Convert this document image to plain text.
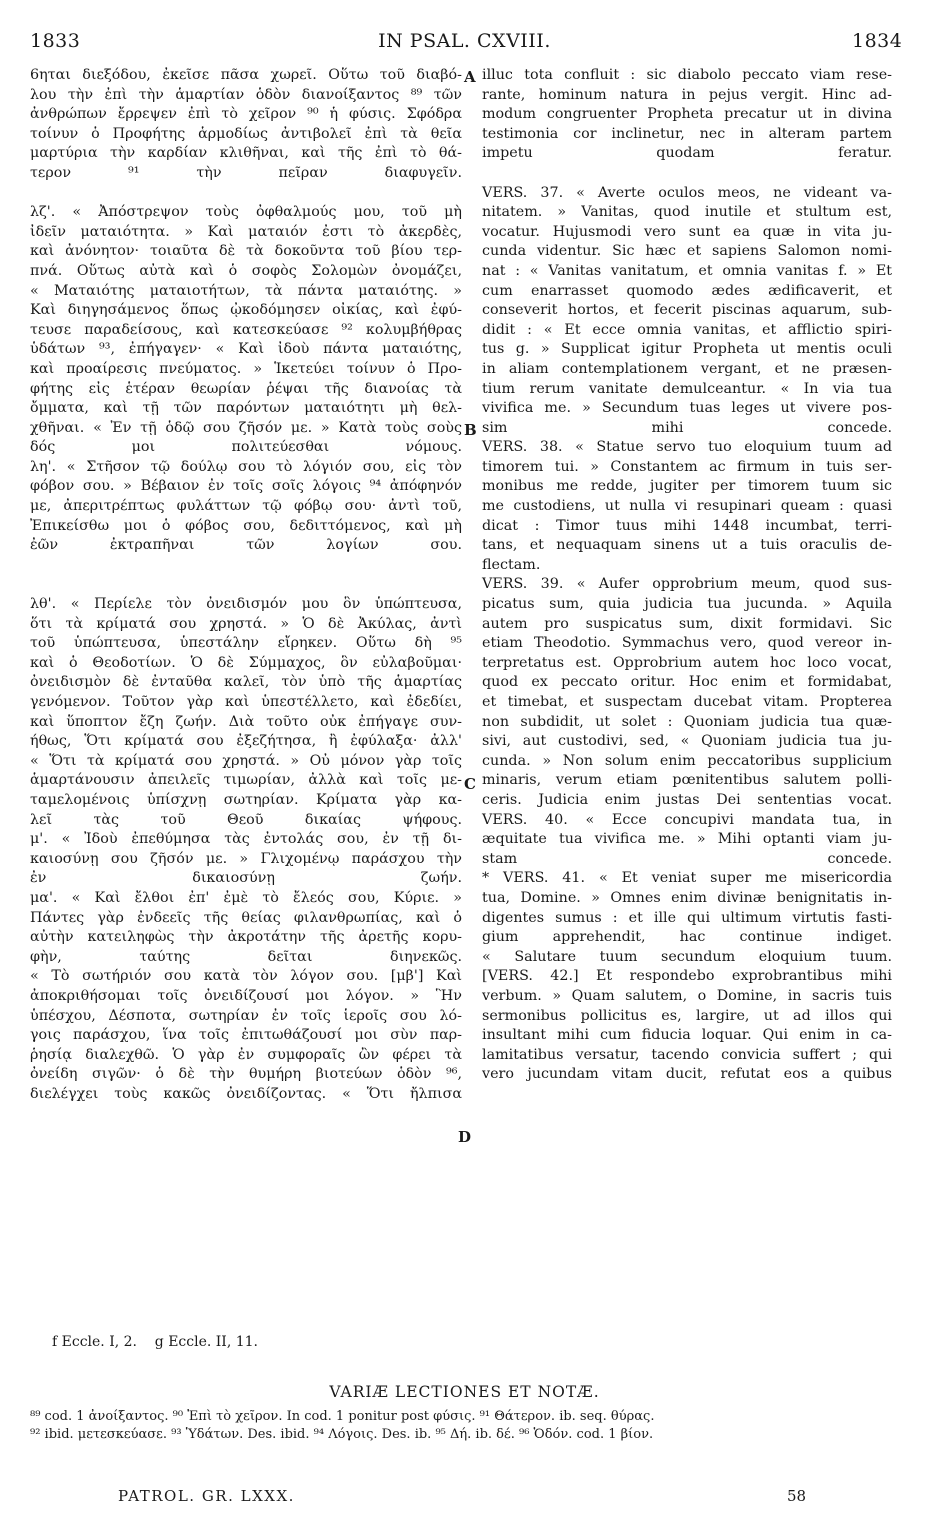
1833	IN PSAL. CXVIII.	1834
6ηται διεξόδου, ἐκεῖσε πᾶσα χωρεῖ. Οὕτω τοῦ διαβό-
λου τὴν ἐπὶ τὴν ἁμαρτίαν ὁδὸν διανοίξαντος ⁸⁹ τῶν
ἀνθρώπων ἔρρεψεν ἐπὶ τὸ χεῖρον ⁹⁰ ἡ φύσις. Σφόδρα
τοίνυν ὁ Προφήτης ἁρμοδίως ἀντιβολεῖ ἐπὶ τὰ θεῖα
μαρτύρια τὴν καρδίαν κλιθῆναι, καὶ τῆς ἐπὶ τὸ θά-
τερον ⁹¹ τὴν πεῖραν διαφυγεῖν.
λζ'. « Ἀπόστρεψον τοὺς ὀφθαλμούς μου, τοῦ μὴ
ἰδεῖν ματαιότητα. » Καὶ ματαιόν ἐστι τὸ ἀκερδὲς,
καὶ ἀνόνητον· τοιαῦτα δὲ τὰ δοκοῦντα τοῦ βίου τερ-
πνά. Οὕτως αὐτὰ καὶ ὁ σοφὸς Σολομὼν ὀνομάζει,
« Ματαιότης ματαιοτήτων, τὰ πάντα ματαιότης. »
Καὶ διηγησάμενος ὅπως ᾠκοδόμησεν οἰκίας, καὶ ἐφύ-
τευσε παραδείσους, καὶ κατεσκεύασε ⁹² κολυμβήθρας
ὑδάτων ⁹³, ἐπήγαγεν· « Καὶ ἰδοὺ πάντα ματαιότης,
καὶ προαίρεσις πνεύματος. » Ἱκετεύει τοίνυν ὁ Προ-
φήτης εἰς ἑτέραν θεωρίαν ῥέψαι τῆς διανοίας τὰ
ὄμματα, καὶ τῇ τῶν παρόντων ματαιότητι μὴ θελ-
χθῆναι. « Ἐν τῇ ὁδῷ σου ζῆσόν με. » Κατὰ τοὺς σοὺς
δός μοι πολιτεύεσθαι νόμους.
λη'. « Στῆσον τῷ δούλῳ σου τὸ λόγιόν σου, εἰς τὸν
φόβον σου. » Βέβαιον ἐν τοῖς σοῖς λόγοις ⁹⁴ ἀπόφηνόν
με, ἀπεριτρέπτως φυλάττων τῷ φόβῳ σου· ἀντὶ τοῦ,
Ἐπικείσθω μοι ὁ φόβος σου, δεδιττόμενος, καὶ μὴ
ἐῶν ἐκτραπῆναι τῶν λογίων σου.
λθ'. « Περίελε τὸν ὀνειδισμόν μου ὃν ὑπώπτευσα,
ὅτι τὰ κρίματά σου χρηστά. » Ὁ δὲ Ἀκύλας, ἀντὶ
τοῦ ὑπώπτευσα, ὑπεστάλην εἴρηκεν. Οὕτω δὴ ⁹⁵
καὶ ὁ Θεοδοτίων. Ὁ δὲ Σύμμαχος, ὃν εὐλαβοῦμαι·
ὀνειδισμὸν δὲ ἐνταῦθα καλεῖ, τὸν ὑπὸ τῆς ἁμαρτίας
γενόμενον. Τοῦτον γὰρ καὶ ὑπεστέλλετο, καὶ ἐδεδίει,
καὶ ὕποπτον ἔζη ζωήν. Διὰ τοῦτο οὐκ ἐπήγαγε συν-
ήθως, Ὅτι κρίματά σου ἐξεζήτησα, ἢ ἐφύλαξα· ἀλλ'
« Ὅτι τὰ κρίματά σου χρηστά. » Οὐ μόνον γὰρ τοῖς
ἁμαρτάνουσιν ἀπειλεῖς τιμωρίαν, ἀλλὰ καὶ τοῖς με-
ταμελομένοις ὑπίσχνῃ σωτηρίαν. Κρίματα γὰρ κα-
λεῖ τὰς τοῦ Θεοῦ δικαίας ψήφους.
μ'. « Ἰδοὺ ἐπεθύμησα τὰς ἐντολάς σου, ἐν τῇ δι-
καιοσύνῃ σου ζῆσόν με. » Γλιχομένῳ παράσχου τὴν
ἐν δικαιοσύνῃ ζωήν.
μα'. « Καὶ ἔλθοι ἐπ' ἐμὲ τὸ ἔλεός σου, Κύριε. »
Πάντες γὰρ ἐνδεεῖς τῆς θείας φιλανθρωπίας, καὶ ὁ
αὐτὴν κατειληφὼς τὴν ἀκροτάτην τῆς ἀρετῆς κορυ-
φὴν, ταύτης δεῖται διηνεκῶς.
« Τὸ σωτήριόν σου κατὰ τὸν λόγον σου. [μβ'] Καὶ
ἀποκριθήσομαι τοῖς ὀνειδίζουσί μοι λόγον. » Ἣν
ὑπέσχου, Δέσποτα, σωτηρίαν ἐν τοῖς ἱεροῖς σου λό-
γοις παράσχου, ἵνα τοῖς ἐπιτωθάζουσί μοι σὺν παρ-
ῥησίᾳ διαλεχθῶ. Ὁ γὰρ ἐν συμφοραῖς ὢν φέρει τὰ
ὀνείδη σιγῶν· ὁ δὲ τὴν θυμήρη βιοτεύων ὁδὸν ⁹⁶,
διελέγχει τοὺς κακῶς ὀνειδίζοντας. « Ὅτι ἤλπισα
illuc tota confluit : sic diabolo peccato viam rese-
rante, hominum natura in pejus vergit. Hinc ad-
modum congruenter Propheta precatur ut in divina
testimonia cor inclinetur, nec in alteram partem
impetu quodam feratur.
VERS. 37. « Averte oculos meos, ne videant va-
nitatem. » Vanitas, quod inutile et stultum est,
vocatur. Hujusmodi vero sunt ea quæ in vita ju-
cunda videntur. Sic hæc et sapiens Salomon nomi-
nat : « Vanitas vanitatum, et omnia vanitas f. » Et
cum enarrasset quomodo ædes ædificaverit, et
conseverit hortos, et fecerit piscinas aquarum, sub-
didit : « Et ecce omnia vanitas, et afflictio spiri-
tus g. » Supplicat igitur Propheta ut mentis oculi
in aliam contemplationem vergant, et ne præsen-
tium rerum vanitate demulceantur. « In via tua
vivifica me. » Secundum tuas leges ut vivere pos-
sim mihi concede.
VERS. 38. « Statue servo tuo eloquium tuum ad
timorem tui. » Constantem ac firmum in tuis ser-
monibus me redde, jugiter per timorem tuum sic
me custodiens, ut nulla vi resupinari queam : quasi
dicat : Timor tuus mihi 1448 incumbat, terri-
tans, et nequaquam sinens ut a tuis oraculis de-
flectam.
VERS. 39. « Aufer opprobrium meum, quod sus-
picatus sum, quia judicia tua jucunda. » Aquila
autem pro suspicatus sum, dixit formidavi. Sic
etiam Theodotio. Symmachus vero, quod vereor in-
terpretatus est. Opprobrium autem hoc loco vocat,
quod ex peccato oritur. Hoc enim et formidabat,
et timebat, et suspectam ducebat vitam. Propterea
non subdidit, ut solet : Quoniam judicia tua quæ-
sivi, aut custodivi, sed, « Quoniam judicia tua ju-
cunda. » Non solum enim peccatoribus supplicium
minaris, verum etiam pœnitentibus salutem polli-
ceris. Judicia enim justas Dei sententias vocat.
VERS. 40. « Ecce concupivi mandata tua, in
æquitate tua vivifica me. » Mihi optanti viam ju-
stam concede.
* VERS. 41. « Et veniat super me misericordia
tua, Domine. » Omnes enim divinæ benignitatis in-
digentes sumus : et ille qui ultimum virtutis fasti-
gium apprehendit, hac continue indiget.
« Salutare tuum secundum eloquium tuum.
[VERS. 42.] Et respondebo exprobrantibus mihi
verbum. » Quam salutem, o Domine, in sacris tuis
sermonibus pollicitus es, largire, ut ad illos qui
insultant mihi cum fiducia loquar. Qui enim in ca-
lamitatibus versatur, tacendo convicia suffert ; qui
vero jucundam vitam ducit, refutat eos a quibus
A
B
C
D
f Eccle. I, 2.    g Eccle. II, 11.
VARIÆ LECTIONES ET NOTÆ.
⁸⁹ cod. 1 ἀνοίξαντος. ⁹⁰ Ἐπὶ τὸ χεῖρον. In cod. 1 ponitur post φύσις. ⁹¹ Θάτερον. ib. seq. θύρας.
⁹² ibid. μετεσκεύασε. ⁹³ Ὑδάτων. Des. ibid. ⁹⁴ Λόγοις. Des. ib. ⁹⁵ Δή. ib. δέ. ⁹⁶ Ὁδόν. cod. 1 βίον.
PATROL. GR. LXXX.	58
